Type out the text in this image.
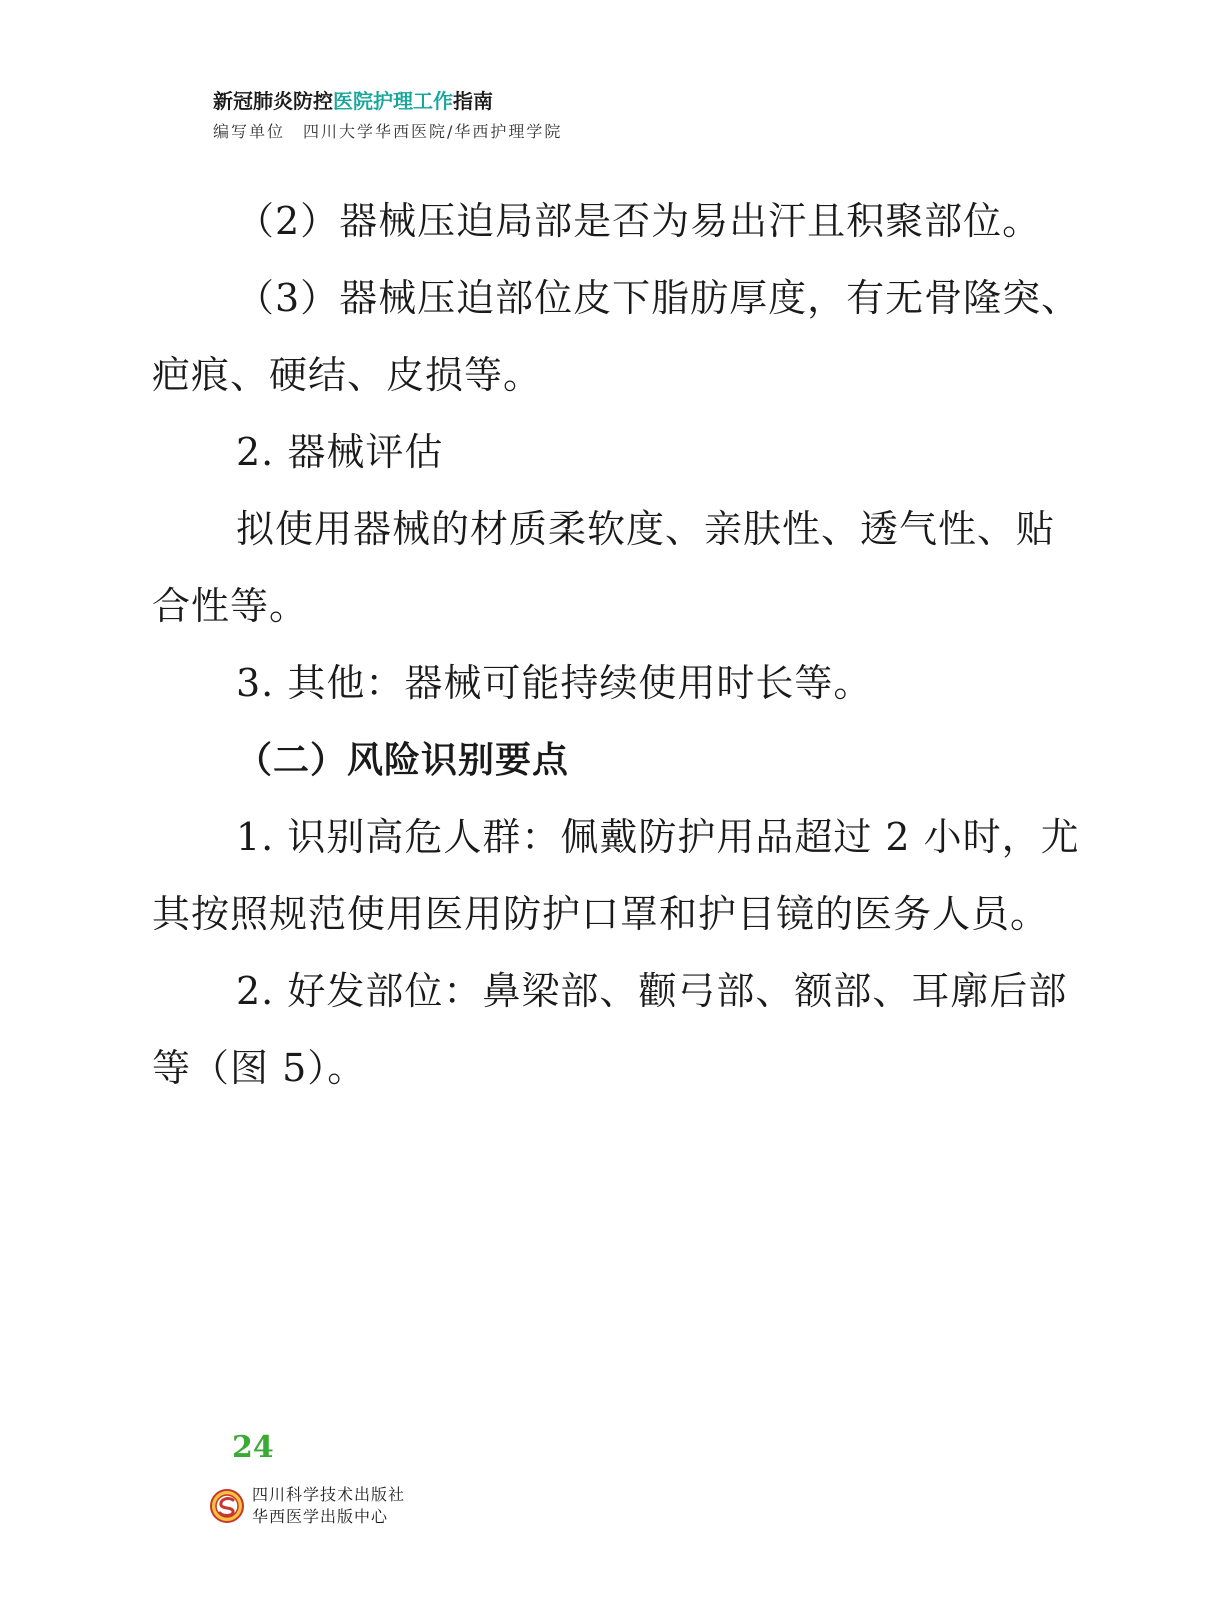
新冠肺炎防控医院护理工作指南
编写单位 四川大学华西医院/华西护理学院

（2）器械压迫局部是否为易出汗且积聚部位。

（3）器械压迫部位皮下脂肪厚度，有无骨隆突、疤痕、硬结、皮损等。

2. 器械评估

拟使用器械的材质柔软度、亲肤性、透气性、贴合性等。

3. 其他：器械可能持续使用时长等。

（二）风险识别要点

1. 识别高危人群：佩戴防护用品超过 2 小时，尤其按照规范使用医用防护口罩和护目镜的医务人员。

2. 好发部位：鼻梁部、颧弓部、额部、耳廓后部等（图 5）。

24
四川科学技术出版社
华西医学出版中心
